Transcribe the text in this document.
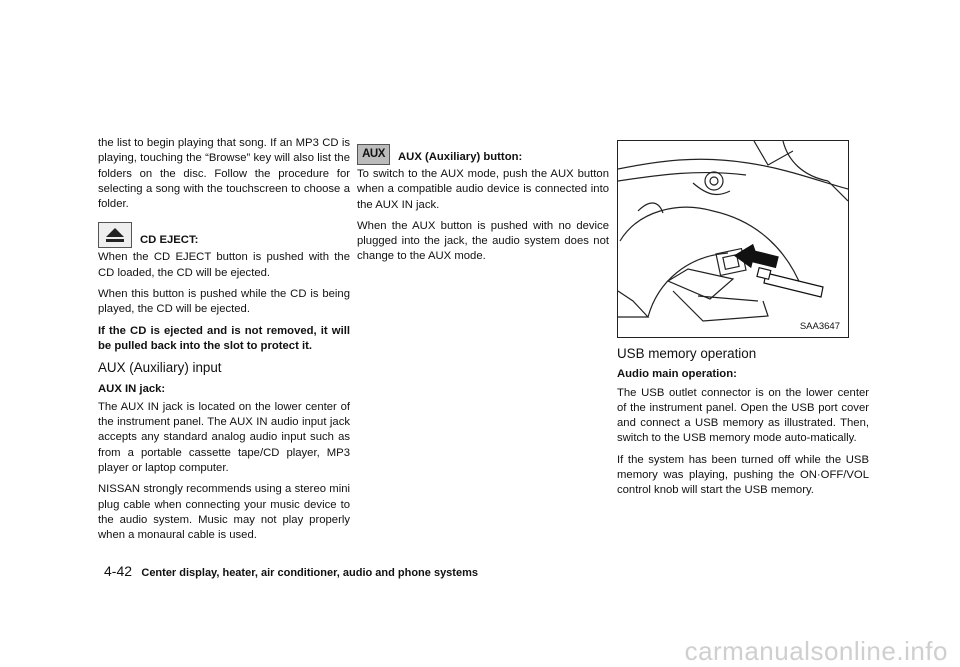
the list to begin playing that song. If an MP3 CD is playing, touching the “Browse” key will also list the folders on the disc. Follow the procedure for selecting a song with the touchscreen to choose a folder.

CD EJECT:

When the CD EJECT button is pushed with the CD loaded, the CD will be ejected.

When this button is pushed while the CD is being played, the CD will be ejected.

If the CD is ejected and is not removed, it will be pulled back into the slot to protect it.

AUX (Auxiliary) input
AUX IN jack:

The AUX IN jack is located on the lower center of the instrument panel. The AUX IN audio input jack accepts any standard analog audio input such as from a portable cassette tape/CD player, MP3 player or laptop computer.

NISSAN strongly recommends using a stereo mini plug cable when connecting your music device to the audio system. Music may not play properly when a monaural cable is used.

AUX	AUX (Auxiliary) button:

To switch to the AUX mode, push the AUX button when a compatible audio device is connected into the AUX IN jack.

When the AUX button is pushed with no device plugged into the jack, the audio system does not change to the AUX mode.

SAA3647
USB memory operation
Audio main operation:

The USB outlet connector is on the lower center of the instrument panel. Open the USB port cover and connect a USB memory as illustrated. Then, switch to the USB memory mode auto-matically.

If the system has been turned off while the USB memory was playing, pushing the ON·OFF/VOL control knob will start the USB memory.

4-42 Center display, heater, air conditioner, audio and phone systems
carmanualsonline.info
